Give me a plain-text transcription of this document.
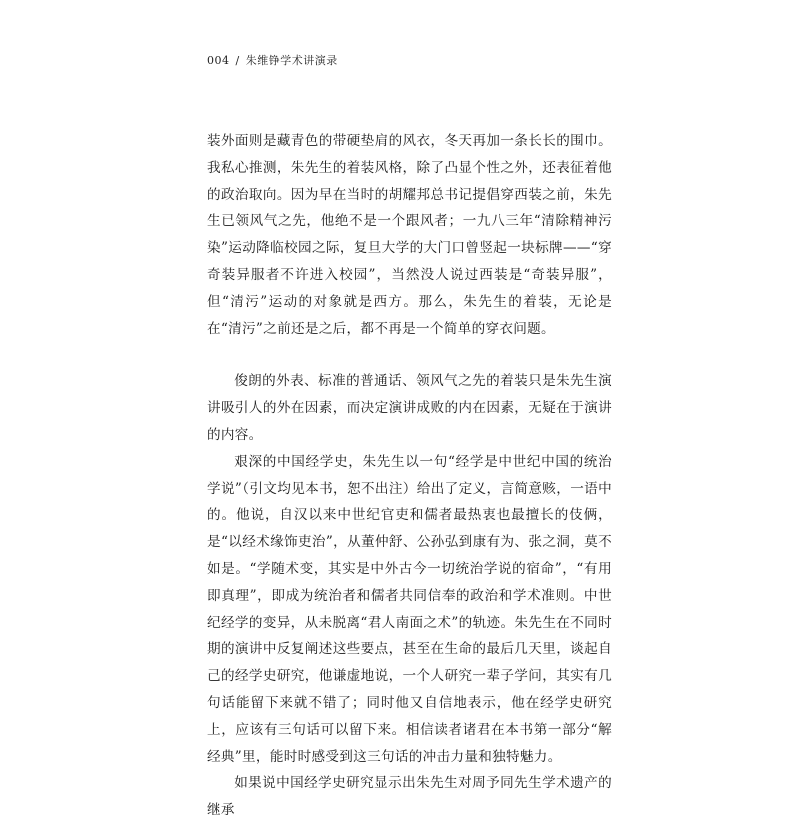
004 / 朱维铮学术讲演录

装外面则是藏青色的带硬垫肩的风衣，冬天再加一条长长的围巾。我私心推测，朱先生的着装风格，除了凸显个性之外，还表征着他的政治取向。因为早在当时的胡耀邦总书记提倡穿西装之前，朱先生已领风气之先，他绝不是一个跟风者；一九八三年“清除精神污染”运动降临校园之际，复旦大学的大门口曾竖起一块标牌——“穿奇装异服者不许进入校园”，当然没人说过西装是“奇装异服”，但“清污”运动的对象就是西方。那么，朱先生的着装，无论是在“清污”之前还是之后，都不再是一个简单的穿衣问题。

俊朗的外表、标准的普通话、领风气之先的着装只是朱先生演讲吸引人的外在因素，而决定演讲成败的内在因素，无疑在于演讲的内容。

艰深的中国经学史，朱先生以一句“经学是中世纪中国的统治学说”（引文均见本书，恕不出注）给出了定义，言简意赅，一语中的。他说，自汉以来中世纪官吏和儒者最热衷也最擅长的伎俩，是“以经术缘饰吏治”，从董仲舒、公孙弘到康有为、张之洞，莫不如是。“学随术变，其实是中外古今一切统治学说的宿命”，“有用即真理”，即成为统治者和儒者共同信奉的政治和学术准则。中世纪经学的变异，从未脱离“君人南面之术”的轨迹。朱先生在不同时期的演讲中反复阐述这些要点，甚至在生命的最后几天里，谈起自己的经学史研究，他谦虚地说，一个人研究一辈子学问，其实有几句话能留下来就不错了；同时他又自信地表示，他在经学史研究上，应该有三句话可以留下来。相信读者诸君在本书第一部分“解经典”里，能时时感受到这三句话的冲击力量和独特魅力。

如果说中国经学史研究显示出朱先生对周予同先生学术遗产的继承
